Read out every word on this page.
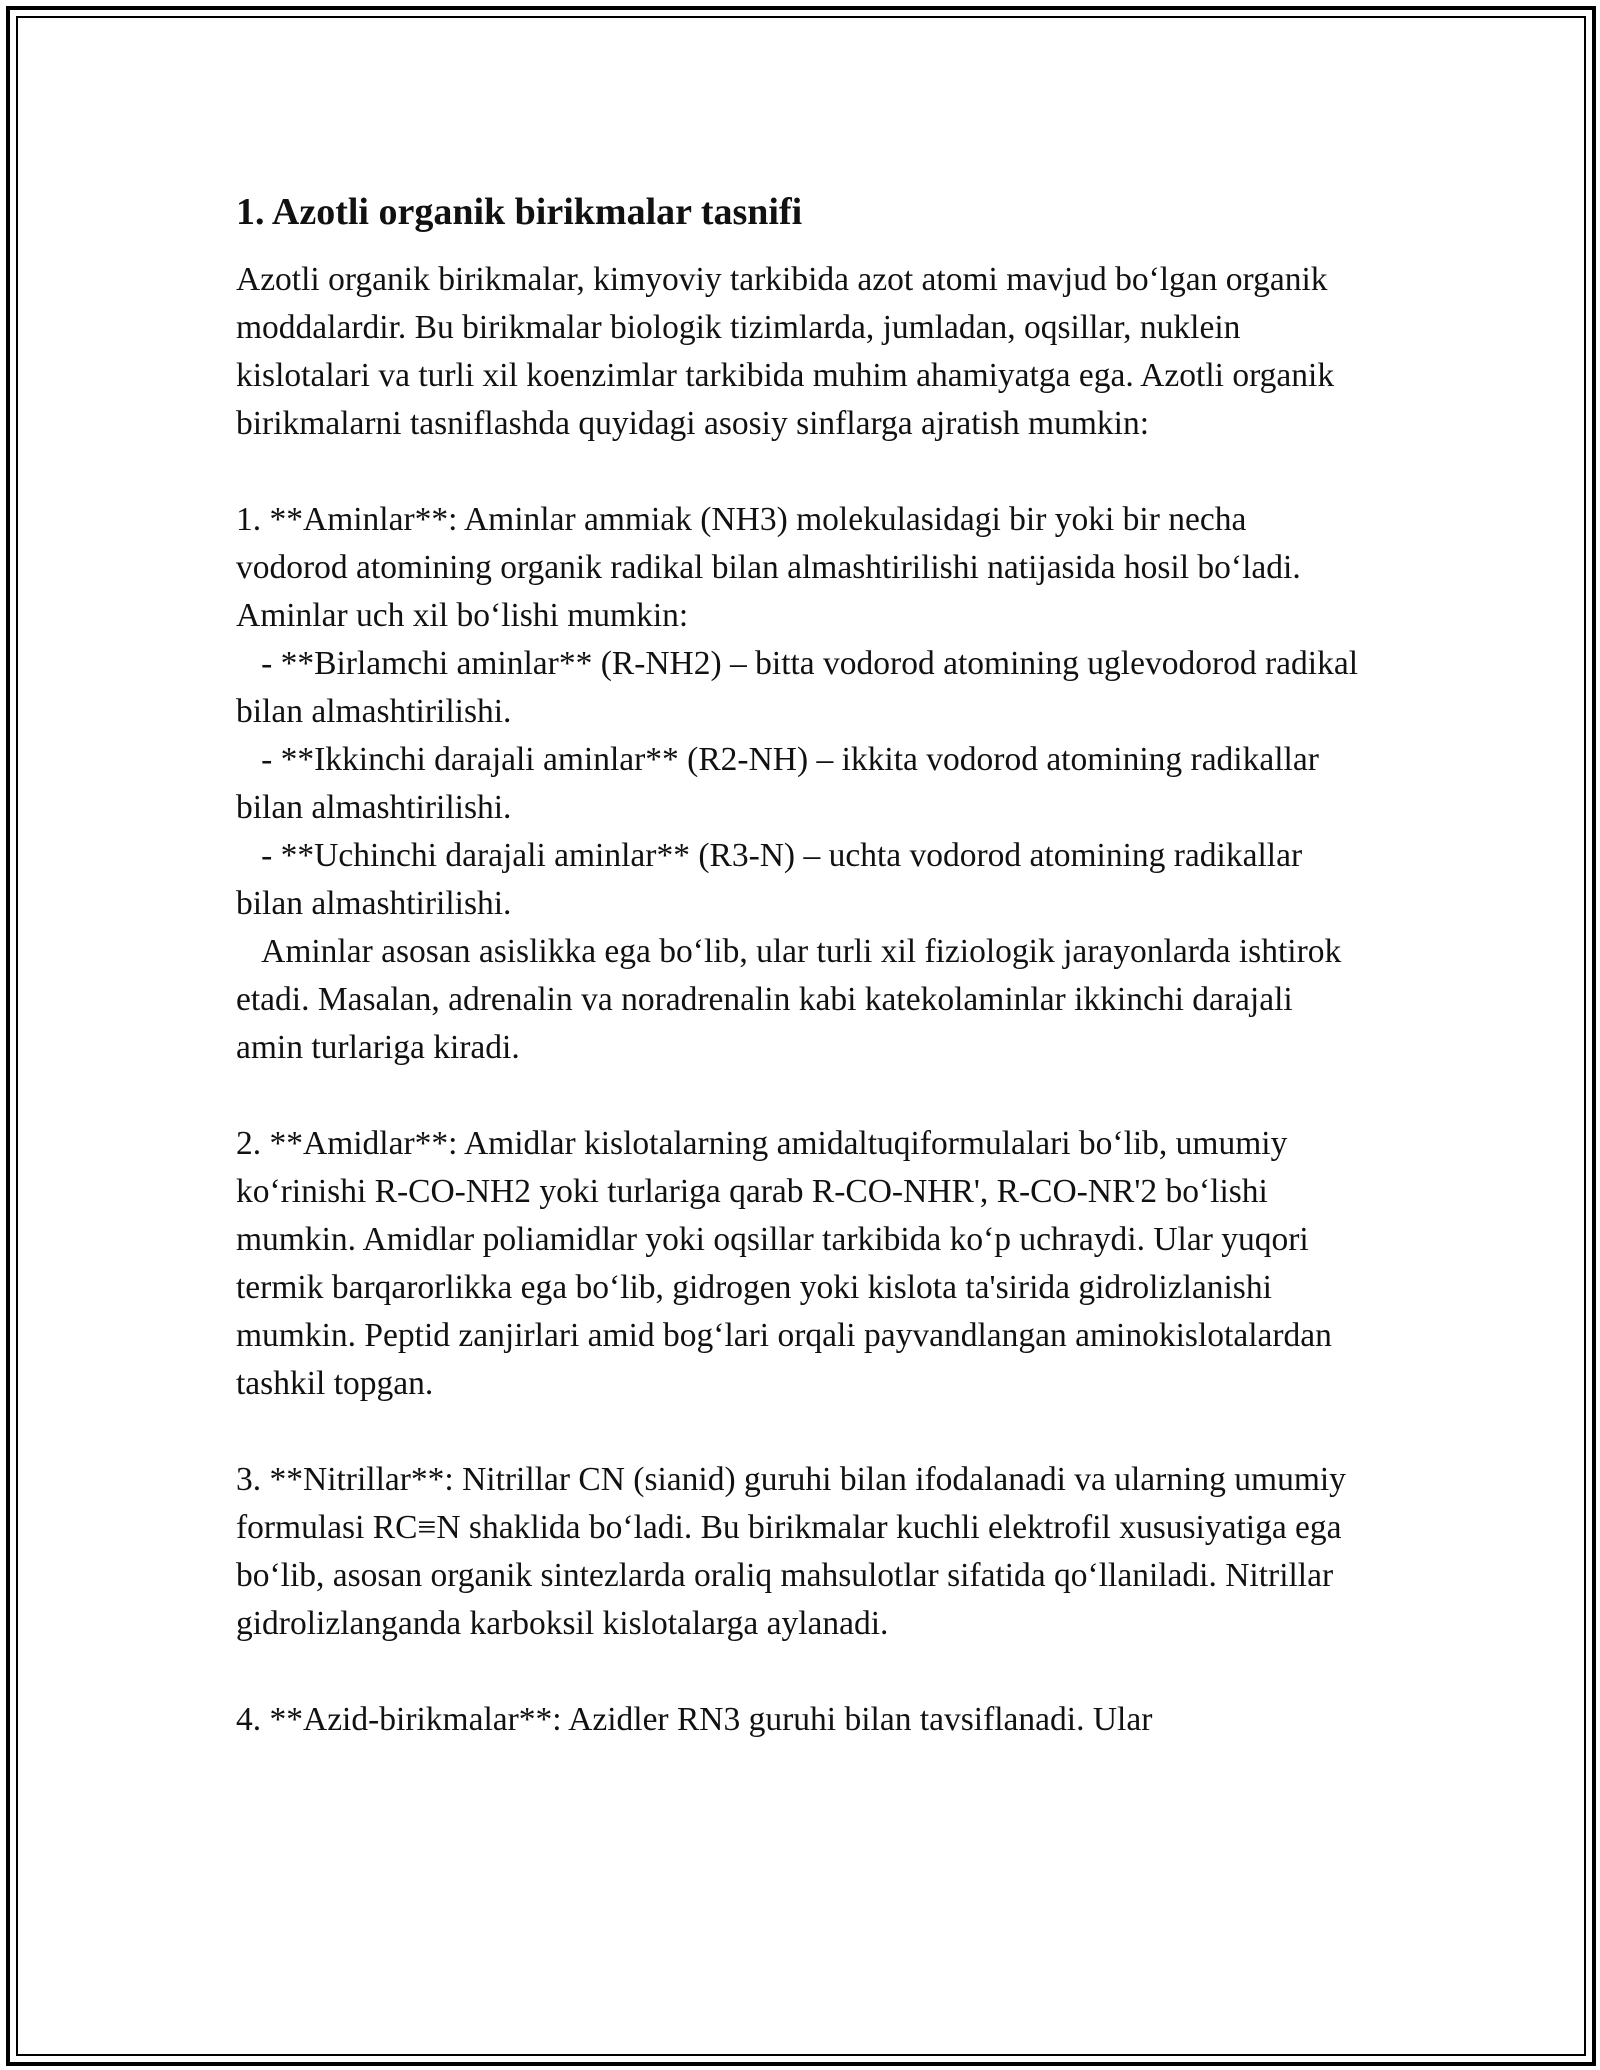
1. Azotli organik birikmalar tasnifi

Azotli organik birikmalar, kimyoviy tarkibida azot atomi mavjud bo‘lgan organik moddalardir. Bu birikmalar biologik tizimlarda, jumladan, oqsillar, nuklein kislotalari va turli xil koenzimlar tarkibida muhim ahamiyatga ega. Azotli organik birikmalarni tasniflashda quyidagi asosiy sinflarga ajratish mumkin:

1. **Aminlar**: Aminlar ammiak (NH3) molekulasidagi bir yoki bir necha vodorod atomining organik radikal bilan almashtirilishi natijasida hosil bo‘ladi. Aminlar uch xil bo‘lishi mumkin:

- **Birlamchi aminlar** (R-NH2) – bitta vodorod atomining uglevodorod radikal bilan almashtirilishi.

- **Ikkinchi darajali aminlar** (R2-NH) – ikkita vodorod atomining radikallar bilan almashtirilishi.

- **Uchinchi darajali aminlar** (R3-N) – uchta vodorod atomining radikallar bilan almashtirilishi.

Aminlar asosan asislikka ega bo‘lib, ular turli xil fiziologik jarayonlarda ishtirok etadi. Masalan, adrenalin va noradrenalin kabi katekolaminlar ikkinchi darajali amin turlariga kiradi.

2. **Amidlar**: Amidlar kislotalarning amidaltuqiformulalari bo‘lib, umumiy ko‘rinishi R-CO-NH2 yoki turlariga qarab R-CO-NHR', R-CO-NR'2 bo‘lishi mumkin. Amidlar poliamidlar yoki oqsillar tarkibida ko‘p uchraydi. Ular yuqori termik barqarorlikka ega bo‘lib, gidrogen yoki kislota ta'sirida gidrolizlanishi mumkin. Peptid zanjirlari amid bog‘lari orqali payvandlangan aminokislotalardan tashkil topgan.

3. **Nitrillar**: Nitrillar CN (sianid) guruhi bilan ifodalanadi va ularning umumiy formulasi RC≡N shaklida bo‘ladi. Bu birikmalar kuchli elektrofil xususiyatiga ega bo‘lib, asosan organik sintezlarda oraliq mahsulotlar sifatida qo‘llaniladi. Nitrillar gidrolizlanganda karboksil kislotalarga aylanadi.

4. **Azid-birikmalar**: Azidler RN3 guruhi bilan tavsiflanadi. Ular
